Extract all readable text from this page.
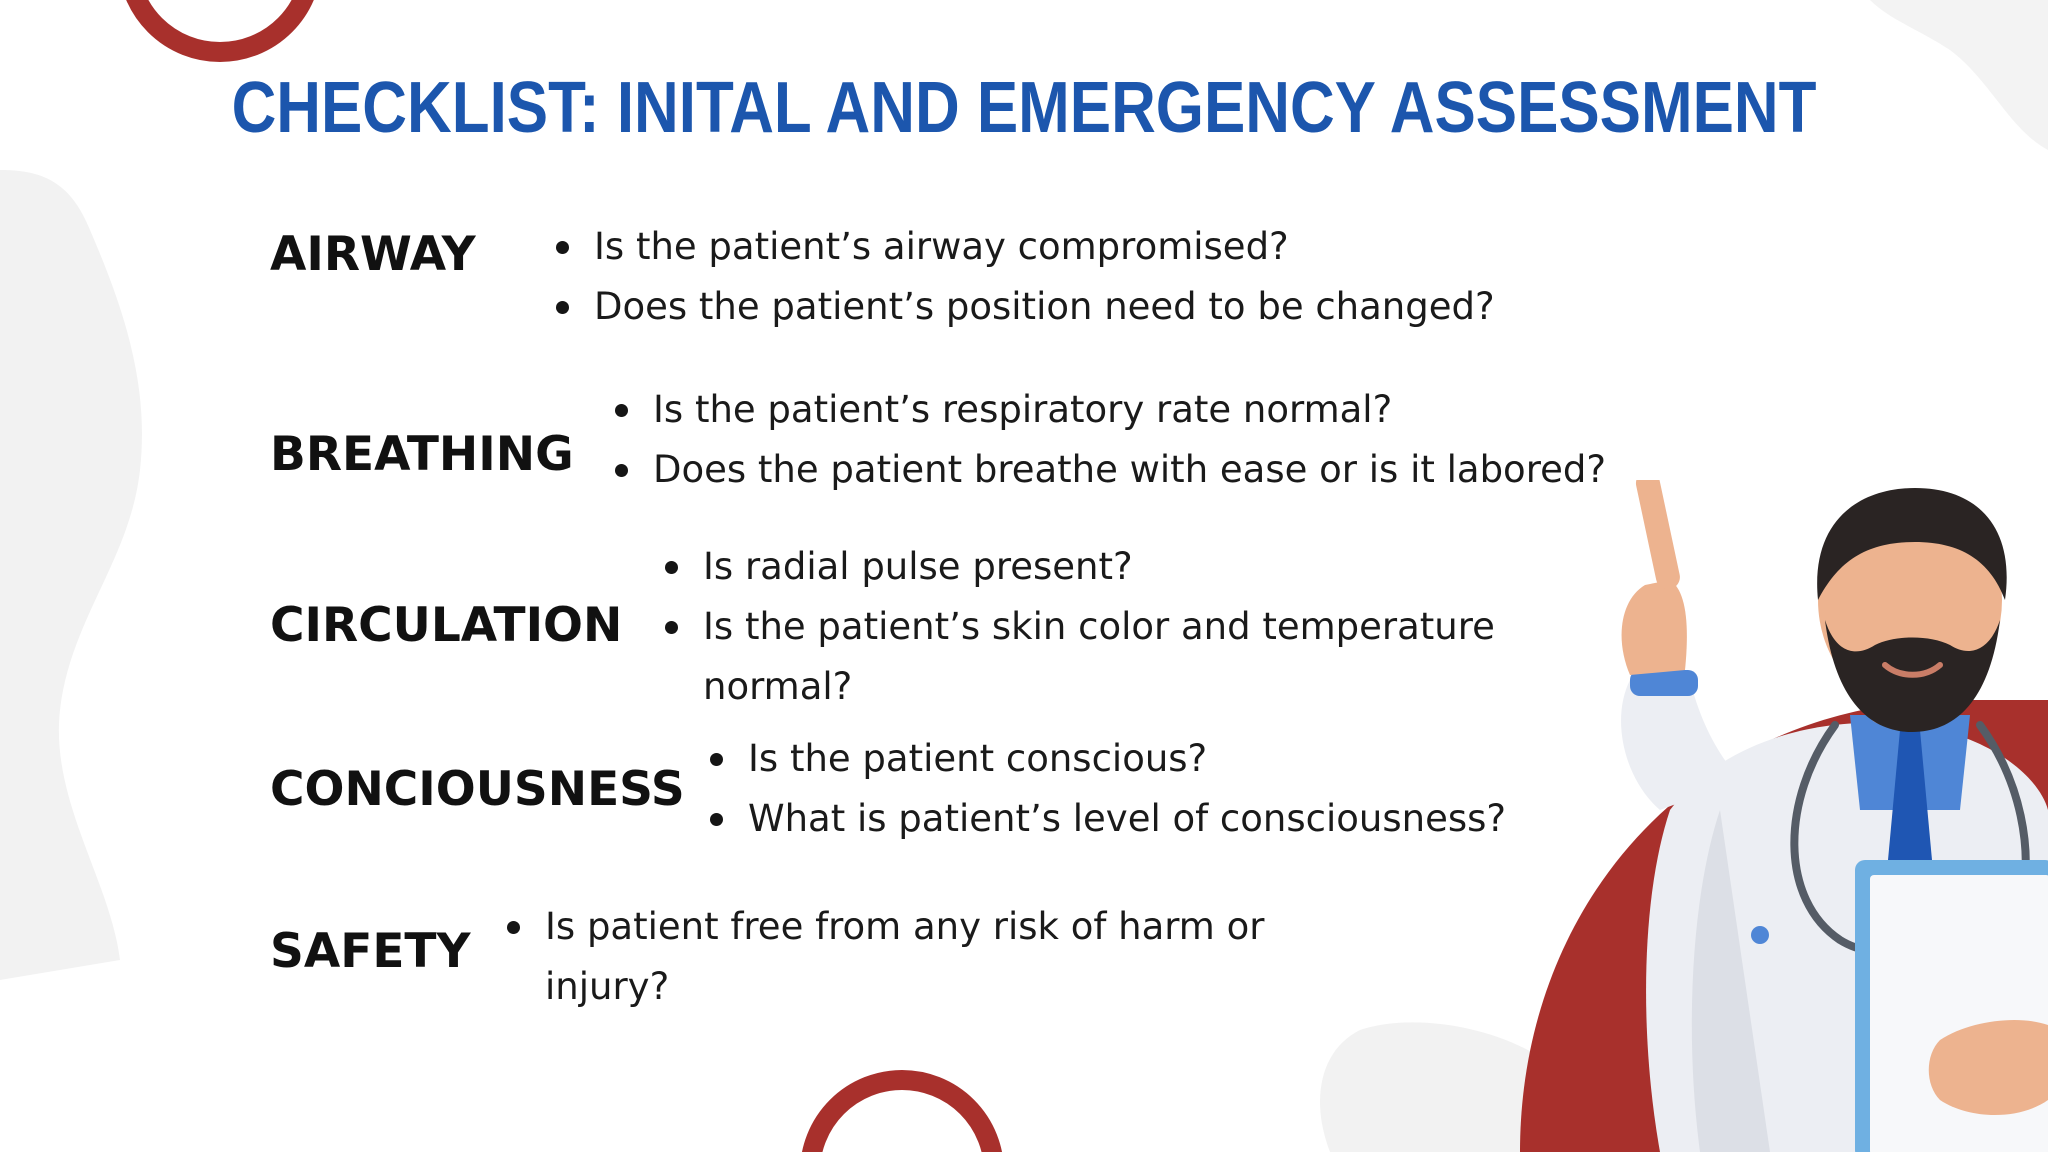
CHECKLIST: INITAL AND EMERGENCY ASSESSMENT
AIRWAY	Is the patient’s airway compromised?
Does the patient’s position need to be changed?
BREATHING
Is the patient’s respiratory rate normal?
Does the patient breathe with ease or is it labored?
CIRCULATION
Is radial pulse present?
Is the patient’s skin color and temperature
normal?
CONCIOUSNESS
Is the patient conscious?
What is patient’s level of consciousness?
SAFETY	Is patient free from any risk of harm or
injury?
